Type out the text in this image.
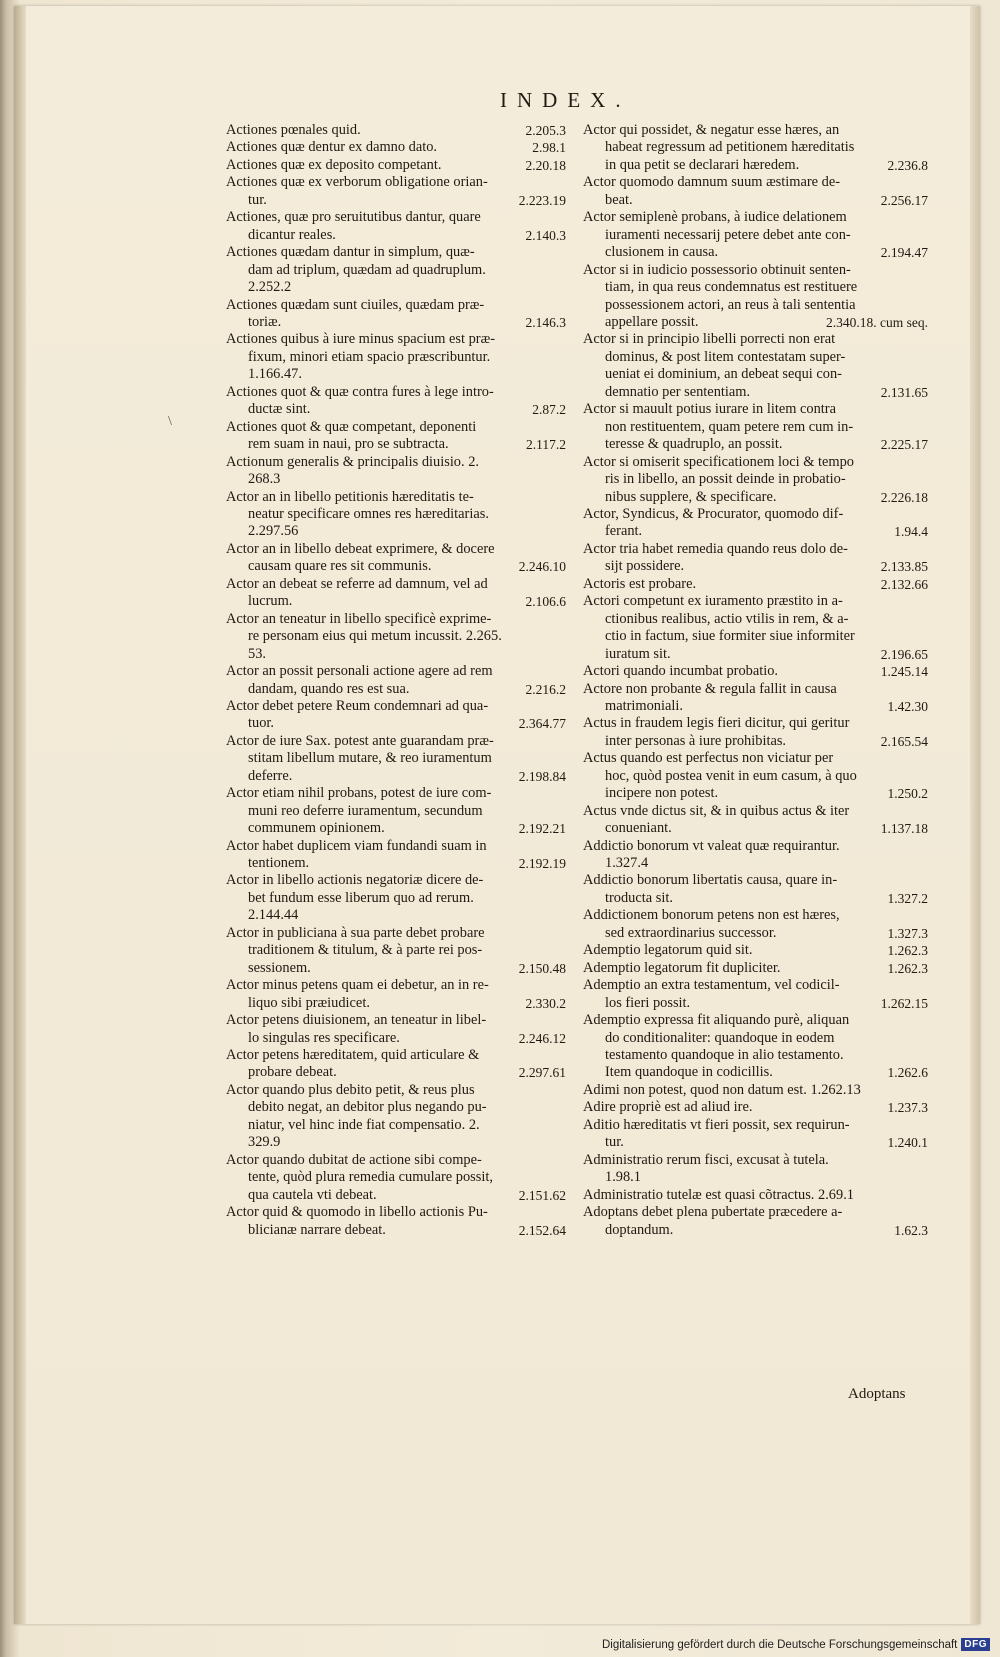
INDEX.
\
2.205.3
Actiones pœnales quid.
2.98.1
Actiones quæ dentur ex damno dato.
2.20.18
Actiones quæ ex deposito competant.
Actiones quæ ex verborum obligatione orian-
2.223.19
tur.
Actiones, quæ pro seruitutibus dantur, quare
2.140.3
dicantur reales.
Actiones quædam dantur in simplum, quæ-
dam ad triplum, quædam ad quadruplum.
2.252.2
Actiones quædam sunt ciuiles, quædam præ-
2.146.3
toriæ.
Actiones quibus à iure minus spacium est præ-
fixum, minori etiam spacio præscribuntur.
1.166.47.
Actiones quot & quæ contra fures à lege intro-
2.87.2
ductæ sint.
Actiones quot & quæ competant, deponenti
2.117.2
rem suam in naui, pro se subtracta.
Actionum generalis & principalis diuisio. 2.
268.3
Actor an in libello petitionis hæreditatis te-
neatur specificare omnes res hæreditarias.
2.297.56
Actor an in libello debeat exprimere, & docere
2.246.10
causam quare res sit communis.
Actor an debeat se referre ad damnum, vel ad
2.106.6
lucrum.
Actor an teneatur in libello specificè exprime-
re personam eius qui metum incussit. 2.265.
53.
Actor an possit personali actione agere ad rem
2.216.2
dandam, quando res est sua.
Actor debet petere Reum condemnari ad qua-
2.364.77
tuor.
Actor de iure Sax. potest ante guarandam præ-
stitam libellum mutare, & reo iuramentum
2.198.84
deferre.
Actor etiam nihil probans, potest de iure com-
muni reo deferre iuramentum, secundum
2.192.21
communem opinionem.
Actor habet duplicem viam fundandi suam in
2.192.19
tentionem.
Actor in libello actionis negatoriæ dicere de-
bet fundum esse liberum quo ad rerum.
2.144.44
Actor in publiciana à sua parte debet probare
traditionem & titulum, & à parte rei pos-
2.150.48
sessionem.
Actor minus petens quam ei debetur, an in re-
2.330.2
liquo sibi præiudicet.
Actor petens diuisionem, an teneatur in libel-
2.246.12
lo singulas res specificare.
Actor petens hæreditatem, quid articulare &
2.297.61
probare debeat.
Actor quando plus debito petit, & reus plus
debito negat, an debitor plus negando pu-
niatur, vel hinc inde fiat compensatio. 2.
329.9
Actor quando dubitat de actione sibi compe-
tente, quòd plura remedia cumulare possit,
2.151.62
qua cautela vti debeat.
Actor quid & quomodo in libello actionis Pu-
2.152.64
blicianæ narrare debeat.
Actor qui possidet, & negatur esse hæres, an
habeat regressum ad petitionem hæreditatis
2.236.8
in qua petit se declarari hæredem.
Actor quomodo damnum suum æstimare de-
2.256.17
beat.
Actor semiplenè probans, à iudice delationem
iuramenti necessarij petere debet ante con-
2.194.47
clusionem in causa.
Actor si in iudicio possessorio obtinuit senten-
tiam, in qua reus condemnatus est restituere
possessionem actori, an reus à tali sententia
2.340.18. cum seq.
appellare possit.
Actor si in principio libelli porrecti non erat
dominus, & post litem contestatam super-
ueniat ei dominium, an debeat sequi con-
2.131.65
demnatio per sententiam.
Actor si mauult potius iurare in litem contra
non restituentem, quam petere rem cum in-
2.225.17
teresse & quadruplo, an possit.
Actor si omiserit specificationem loci & tempo
ris in libello, an possit deinde in probatio-
2.226.18
nibus supplere, & specificare.
Actor, Syndicus, & Procurator, quomodo dif-
1.94.4
ferant.
Actor tria habet remedia quando reus dolo de-
2.133.85
sijt possidere.
2.132.66
Actoris est probare.
Actori competunt ex iuramento præstito in a-
ctionibus realibus, actio vtilis in rem, & a-
ctio in factum, siue formiter siue informiter
2.196.65
iuratum sit.
1.245.14
Actori quando incumbat probatio.
Actore non probante & regula fallit in causa
1.42.30
matrimoniali.
Actus in fraudem legis fieri dicitur, qui geritur
2.165.54
inter personas à iure prohibitas.
Actus quando est perfectus non viciatur per
hoc, quòd postea venit in eum casum, à quo
1.250.2
incipere non potest.
Actus vnde dictus sit, & in quibus actus & iter
1.137.18
conueniant.
Addictio bonorum vt valeat quæ requirantur.
1.327.4
Addictio bonorum libertatis causa, quare in-
1.327.2
troducta sit.
Addictionem bonorum petens non est hæres,
1.327.3
sed extraordinarius successor.
1.262.3
Ademptio legatorum quid sit.
1.262.3
Ademptio legatorum fit dupliciter.
Ademptio an extra testamentum, vel codicil-
1.262.15
los fieri possit.
Ademptio expressa fit aliquando purè, aliquan
do conditionaliter: quandoque in eodem
testamento quandoque in alio testamento.
1.262.6
Item quandoque in codicillis.
Adimi non potest, quod non datum est. 1.262.13
1.237.3
Adire propriè est ad aliud ire.
Aditio hæreditatis vt fieri possit, sex requirun-
1.240.1
tur.
Administratio rerum fisci, excusat à tutela.
1.98.1
Administratio tutelæ est quasi cõtractus. 2.69.1
Adoptans debet plena pubertate præcedere a-
1.62.3
doptandum.
Adoptans
Digitalisierung gefördert durch die Deutsche Forschungsgemeinschaft DFG
